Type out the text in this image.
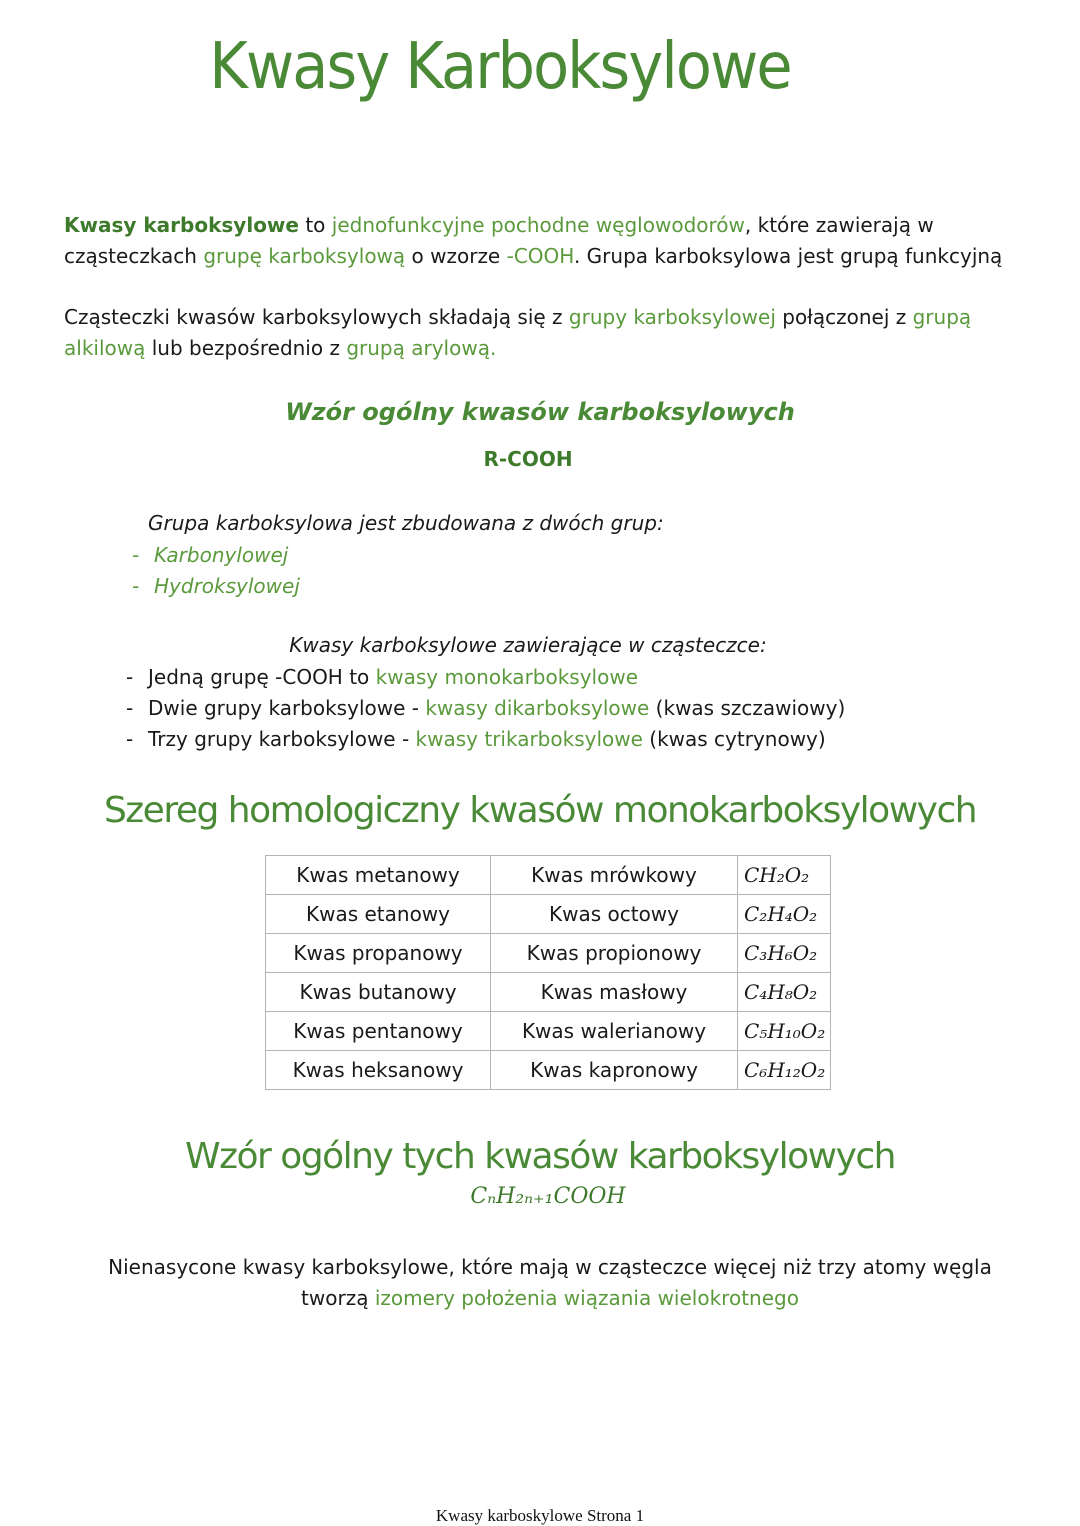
Kwasy Karboksylowe
Kwasy karboksylowe to jednofunkcyjne pochodne węglowodorów, które zawierają w cząsteczkach grupę karboksylową o wzorze -COOH. Grupa karboksylowa jest grupą funkcyjną
Cząsteczki kwasów karboksylowych składają się z grupy karboksylowej połączonej z grupą alkilową lub bezpośrednio z grupą arylową.
Wzór ogólny kwasów karboksylowych
R-COOH
Grupa karboksylowa jest zbudowana z dwóch grup:
- Karbonylowej
- Hydroksylowej
Kwasy karboksylowe zawierające w cząsteczce:
- Jedną grupę -COOH to kwasy monokarboksylowe
- Dwie grupy karboksylowe - kwasy dikarboksylowe (kwas szczawiowy)
- Trzy grupy karboksylowe - kwasy trikarboksylowe (kwas cytrynowy)
Szereg homologiczny kwasów monokarboksylowych
Kwas metanowy	Kwas mrówkowy	CH₂O₂
Kwas etanowy	Kwas octowy	C₂H₄O₂
Kwas propanowy	Kwas propionowy	C₃H₆O₂
Kwas butanowy	Kwas masłowy	C₄H₈O₂
Kwas pentanowy	Kwas walerianowy	C₅H₁₀O₂
Kwas heksanowy	Kwas kapronowy	C₆H₁₂O₂
Wzór ogólny tych kwasów karboksylowych
CₙH₂ₙ₊₁COOH
Nienasycone kwasy karboksylowe, które mają w cząsteczce więcej niż trzy atomy węgla tworzą izomery położenia wiązania wielokrotnego
Kwasy karboskylowe Strona 1
